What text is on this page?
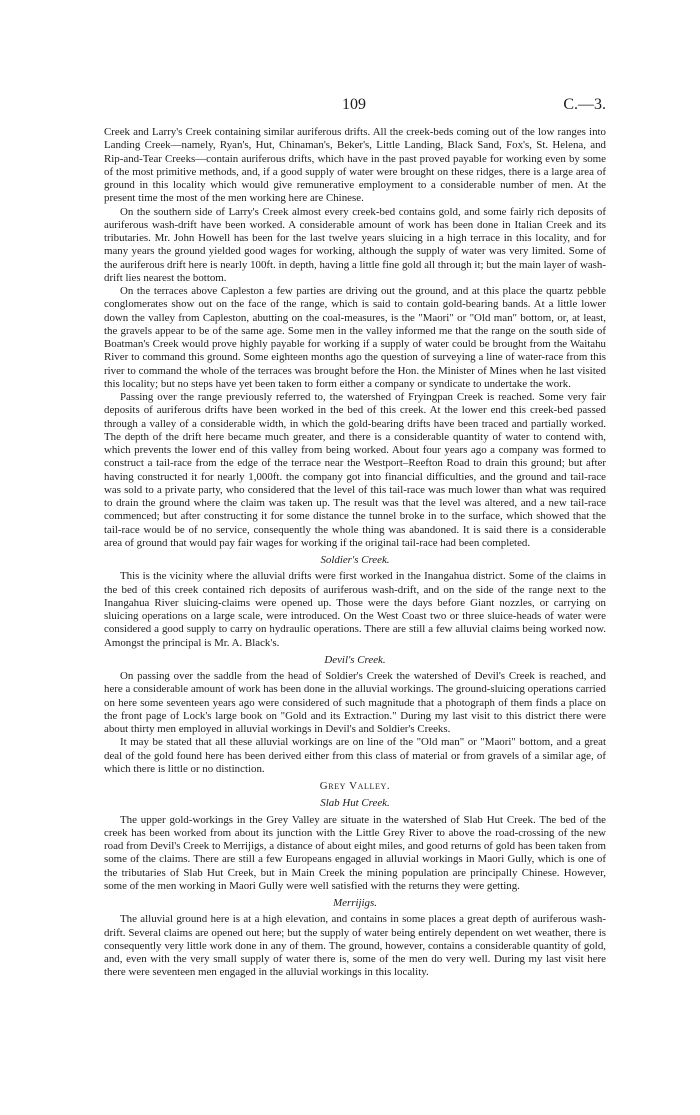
109	C.—3.

Creek and Larry's Creek containing similar auriferous drifts. All the creek-beds coming out of the low ranges into Landing Creek—namely, Ryan's, Hut, Chinaman's, Beker's, Little Landing, Black Sand, Fox's, St. Helena, and Rip-and-Tear Creeks—contain auriferous drifts, which have in the past proved payable for working even by some of the most primitive methods, and, if a good supply of water were brought on these ridges, there is a large area of ground in this locality which would give remunerative employment to a considerable number of men. At the present time the most of the men working here are Chinese.

On the southern side of Larry's Creek almost every creek-bed contains gold, and some fairly rich deposits of auriferous wash-drift have been worked. A considerable amount of work has been done in Italian Creek and its tributaries. Mr. John Howell has been for the last twelve years sluicing in a high terrace in this locality, and for many years the ground yielded good wages for working, although the supply of water was very limited. Some of the auriferous drift here is nearly 100ft. in depth, having a little fine gold all through it; but the main layer of wash-drift lies nearest the bottom.

On the terraces above Capleston a few parties are driving out the ground, and at this place the quartz pebble conglomerates show out on the face of the range, which is said to contain gold-bearing bands. At a little lower down the valley from Capleston, abutting on the coal-measures, is the "Maori" or "Old man" bottom, or, at least, the gravels appear to be of the same age. Some men in the valley informed me that the range on the south side of Boatman's Creek would prove highly payable for working if a supply of water could be brought from the Waitahu River to command this ground. Some eighteen months ago the question of surveying a line of water-race from this river to command the whole of the terraces was brought before the Hon. the Minister of Mines when he last visited this locality; but no steps have yet been taken to form either a company or syndicate to undertake the work.

Passing over the range previously referred to, the watershed of Fryingpan Creek is reached. Some very fair deposits of auriferous drifts have been worked in the bed of this creek. At the lower end this creek-bed passed through a valley of a considerable width, in which the gold-bearing drifts have been traced and partially worked. The depth of the drift here became much greater, and there is a considerable quantity of water to contend with, which prevents the lower end of this valley from being worked. About four years ago a company was formed to construct a tail-race from the edge of the terrace near the Westport–Reefton Road to drain this ground; but after having constructed it for nearly 1,000ft. the company got into financial difficulties, and the ground and tail-race was sold to a private party, who considered that the level of this tail-race was much lower than what was required to drain the ground where the claim was taken up. The result was that the level was altered, and a new tail-race commenced; but after constructing it for some distance the tunnel broke in to the surface, which showed that the tail-race would be of no service, consequently the whole thing was abandoned. It is said there is a considerable area of ground that would pay fair wages for working if the original tail-race had been completed.

Soldier's Creek.

This is the vicinity where the alluvial drifts were first worked in the Inangahua district. Some of the claims in the bed of this creek contained rich deposits of auriferous wash-drift, and on the side of the range next to the Inangahua River sluicing-claims were opened up. Those were the days before Giant nozzles, or carrying on sluicing operations on a large scale, were introduced. On the West Coast two or three sluice-heads of water were considered a good supply to carry on hydraulic operations. There are still a few alluvial claims being worked now. Amongst the principal is Mr. A. Black's.

Devil's Creek.

On passing over the saddle from the head of Soldier's Creek the watershed of Devil's Creek is reached, and here a considerable amount of work has been done in the alluvial workings. The ground-sluicing operations carried on here some seventeen years ago were considered of such magnitude that a photograph of them finds a place on the front page of Lock's large book on "Gold and its Extraction." During my last visit to this district there were about thirty men employed in alluvial workings in Devil's and Soldier's Creeks.

It may be stated that all these alluvial workings are on line of the "Old man" or "Maori" bottom, and a great deal of the gold found here has been derived either from this class of material or from gravels of a similar age, of which there is little or no distinction.

Grey Valley.
Slab Hut Creek.

The upper gold-workings in the Grey Valley are situate in the watershed of Slab Hut Creek. The bed of the creek has been worked from about its junction with the Little Grey River to above the road-crossing of the new road from Devil's Creek to Merrijigs, a distance of about eight miles, and good returns of gold has been taken from some of the claims. There are still a few Europeans engaged in alluvial workings in Maori Gully, which is one of the tributaries of Slab Hut Creek, but in Main Creek the mining population are principally Chinese. However, some of the men working in Maori Gully were well satisfied with the returns they were getting.

Merrijigs.

The alluvial ground here is at a high elevation, and contains in some places a great depth of auriferous wash-drift. Several claims are opened out here; but the supply of water being entirely dependent on wet weather, there is consequently very little work done in any of them. The ground, however, contains a considerable quantity of gold, and, even with the very small supply of water there is, some of the men do very well. During my last visit here there were seventeen men engaged in the alluvial workings in this locality.
